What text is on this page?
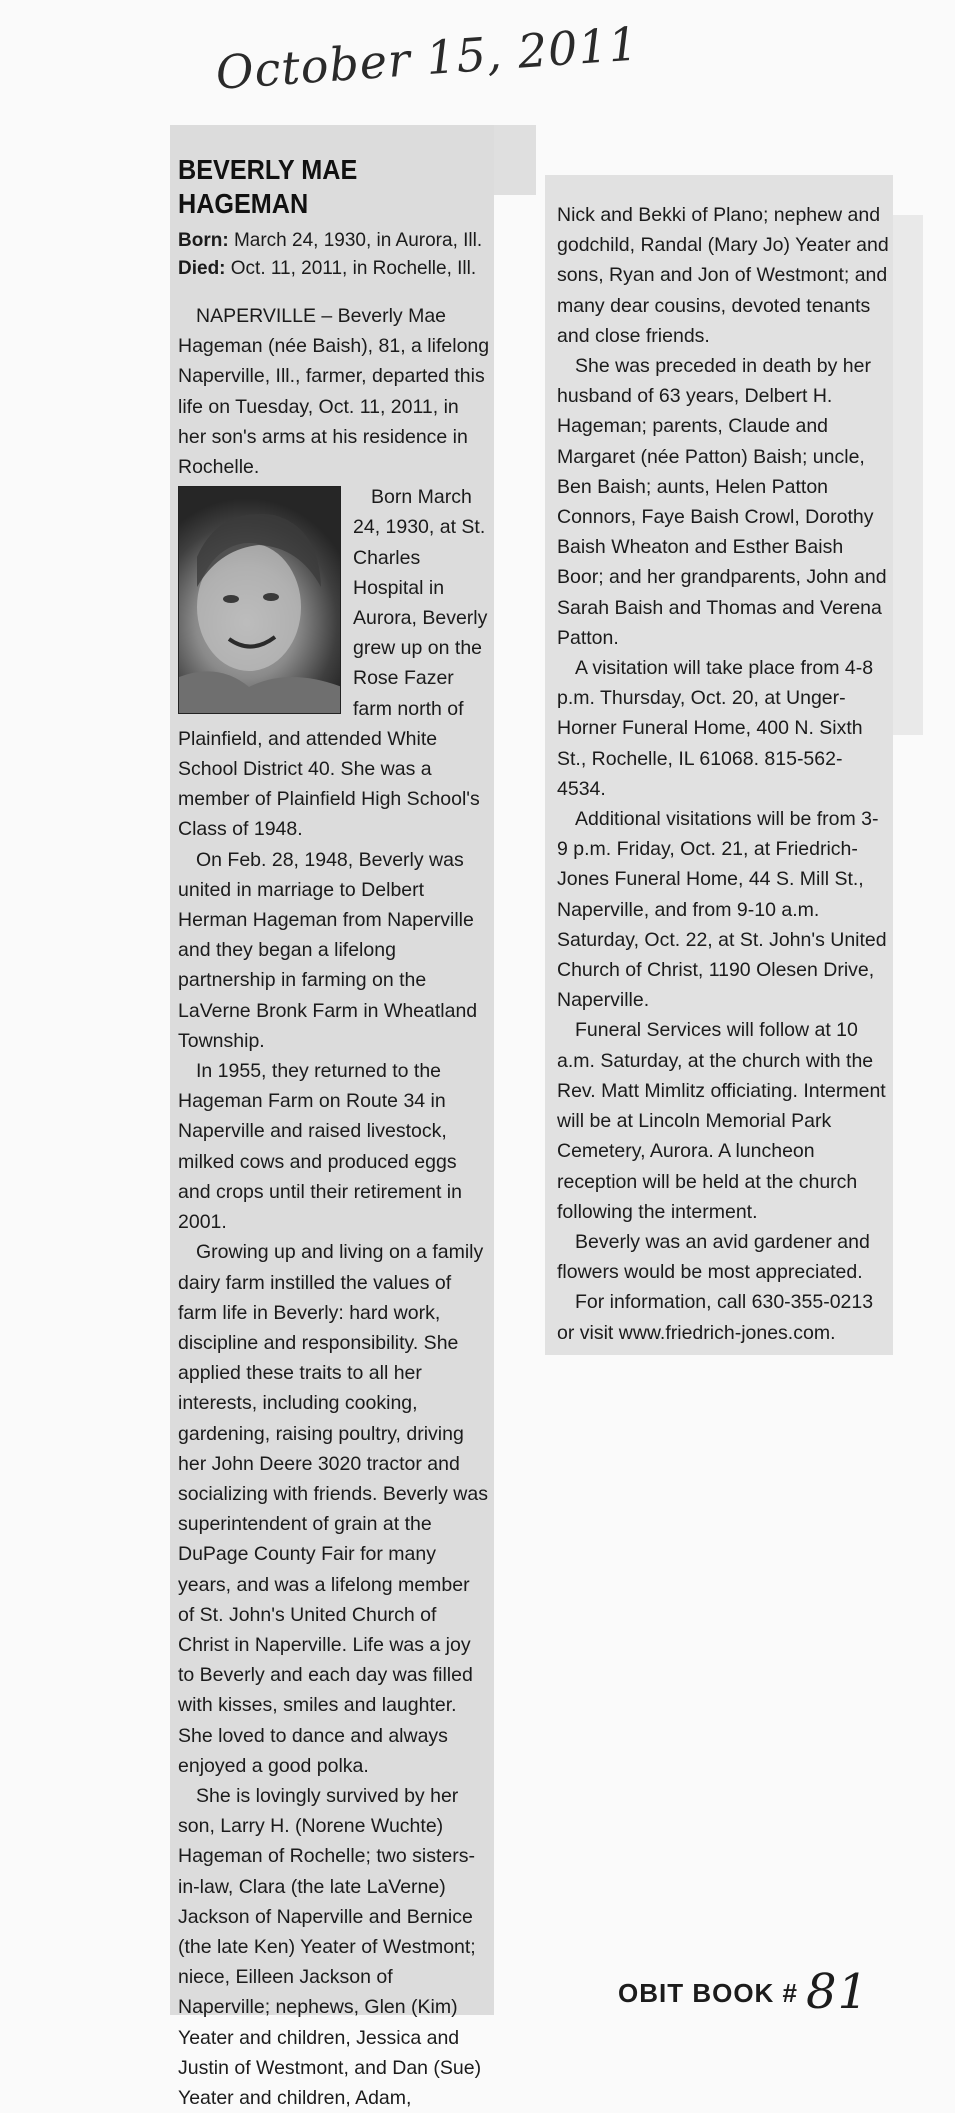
October 15, 2011
BEVERLY MAE
HAGEMAN

Born: March 24, 1930, in Aurora, Ill.

Died: Oct. 11, 2011, in Rochelle, Ill.

NAPERVILLE – Beverly Mae Hageman (née Baish), 81, a lifelong Naperville, Ill., farmer, departed this life on Tuesday, Oct. 11, 2011, in her son's arms at his residence in Rochelle.

Born March 24, 1930, at St. Charles Hospital in Aurora, Beverly grew up on the Rose Fazer farm north of Plainfield, and attended White School District 40. She was a member of Plainfield High School's Class of 1948.

On Feb. 28, 1948, Beverly was united in marriage to Delbert Herman Hageman from Naperville and they began a lifelong partnership in farming on the LaVerne Bronk Farm in Wheatland Township.

In 1955, they returned to the Hageman Farm on Route 34 in Naperville and raised livestock, milked cows and produced eggs and crops until their retirement in 2001.

Growing up and living on a family dairy farm instilled the values of farm life in Beverly: hard work, discipline and responsibility. She applied these traits to all her interests, including cooking, gardening, raising poultry, driving her John Deere 3020 tractor and socializing with friends. Beverly was superintendent of grain at the DuPage County Fair for many years, and was a lifelong member of St. John's United Church of Christ in Naperville. Life was a joy to Beverly and each day was filled with kisses, smiles and laughter. She loved to dance and always enjoyed a good polka.

She is lovingly survived by her son, Larry H. (Norene Wuchte) Hageman of Rochelle; two sisters-in-law, Clara (the late LaVerne) Jackson of Naperville and Bernice (the late Ken) Yeater of Westmont; niece, Eilleen Jackson of Naperville; nephews, Glen (Kim) Yeater and children, Jessica and Justin of Westmont, and Dan (Sue) Yeater and children, Adam,

Nick and Bekki of Plano; nephew and godchild, Randal (Mary Jo) Yeater and sons, Ryan and Jon of Westmont; and many dear cousins, devoted tenants and close friends.

She was preceded in death by her husband of 63 years, Delbert H. Hageman; parents, Claude and Margaret (née Patton) Baish; uncle, Ben Baish; aunts, Helen Patton Connors, Faye Baish Crowl, Dorothy Baish Wheaton and Esther Baish Boor; and her grandparents, John and Sarah Baish and Thomas and Verena Patton.

A visitation will take place from 4-8 p.m. Thursday, Oct. 20, at Unger-Horner Funeral Home, 400 N. Sixth St., Rochelle, IL 61068. 815-562-4534.

Additional visitations will be from 3-9 p.m. Friday, Oct. 21, at Friedrich-Jones Funeral Home, 44 S. Mill St., Naperville, and from 9-10 a.m. Saturday, Oct. 22, at St. John's United Church of Christ, 1190 Olesen Drive, Naperville.

Funeral Services will follow at 10 a.m. Saturday, at the church with the Rev. Matt Mimlitz officiating. Interment will be at Lincoln Memorial Park Cemetery, Aurora. A luncheon reception will be held at the church following the interment.

Beverly was an avid gardener and flowers would be most appreciated.

For information, call 630-355-0213 or visit www.friedrich-jones.com.

OBIT BOOK # 81
